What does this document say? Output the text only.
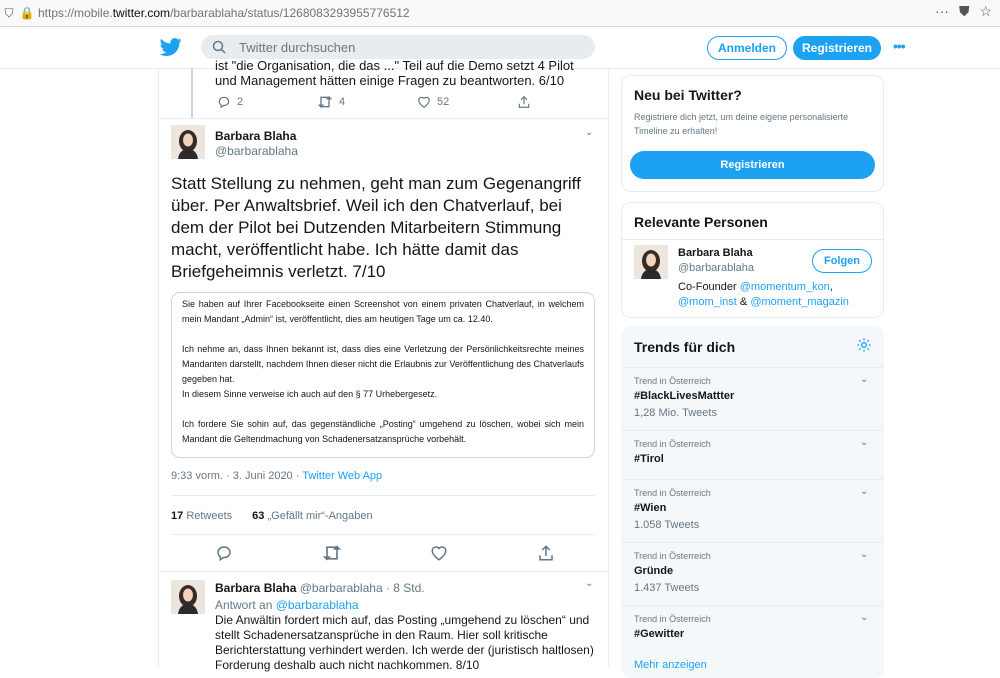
⛉ 🔒 https://mobile.twitter.com/barbarablaha/status/1268083293955776512	··· ⛊ ☆
Twitter durchsuchen
Anmelden	Registrieren	•••
ist "die Organisation, die das ..." Teil auf die Demo setzt 4 Pilot und Management hätten einige Fragen zu beantworten. 6/10
2	4	52
Barbara Blaha
@barbarablaha
⌄
Statt Stellung zu nehmen, geht man zum Gegenangriff über. Per Anwaltsbrief. Weil ich den Chatverlauf, bei dem der Pilot bei Dutzenden Mitarbeitern Stimmung macht, veröffentlicht habe. Ich hätte damit das Briefgeheimnis verletzt. 7/10

Sie haben auf Ihrer Facebookseite einen Screenshot von einem privaten Chatverlauf, in welchem mein Mandant „Admin“ ist, veröffentlicht, dies am heutigen Tage um ca. 12.40.

Ich nehme an, dass Ihnen bekannt ist, dass dies eine Verletzung der Persönlichkeitsrechte meines Mandanten darstellt, nachdem Ihnen dieser nicht die Erlaubnis zur Veröffentlichung des Chatverlaufs gegeben hat.

In diesem Sinne verweise ich auch auf den § 77 Urhebergesetz.

Ich fordere Sie sohin auf, das gegenständliche „Posting“ umgehend zu löschen, wobei sich mein Mandant die Geltendmachung von Schadenersatzansprüche vorbehält.

9:33 vorm. · 3. Juni 2020 · Twitter Web App
17 Retweets 63 „Gefällt mir“-Angaben
Barbara Blaha @barbarablaha · 8 Std.	⌄
Antwort an @barbarablaha
Die Anwältin fordert mich auf, das Posting „umgehend zu löschen“ und stellt Schadenersatzansprüche in den Raum. Hier soll kritische Berichterstattung verhindert werden. Ich werde der (juristisch haltlosen) Forderung deshalb auch nicht nachkommen. 8/10
Neu bei Twitter?
Registriere dich jetzt, um deine eigene personalisierte Timeline zu erhalten!
Registrieren
Relevante Personen
Barbara Blaha
@barbarablaha
Folgen
Co-Founder @momentum_kon,
@mom_inst & @moment_magazin
Trends für dich
Trend in Österreich
#BlackLivesMattter
1,28 Mio. Tweets
⌄
Trend in Österreich
#Tirol
⌄
Trend in Österreich
#Wien
1.058 Tweets
⌄
Trend in Österreich
Gründe
1.437 Tweets
⌄
Trend in Österreich
#Gewitter
⌄
Mehr anzeigen
